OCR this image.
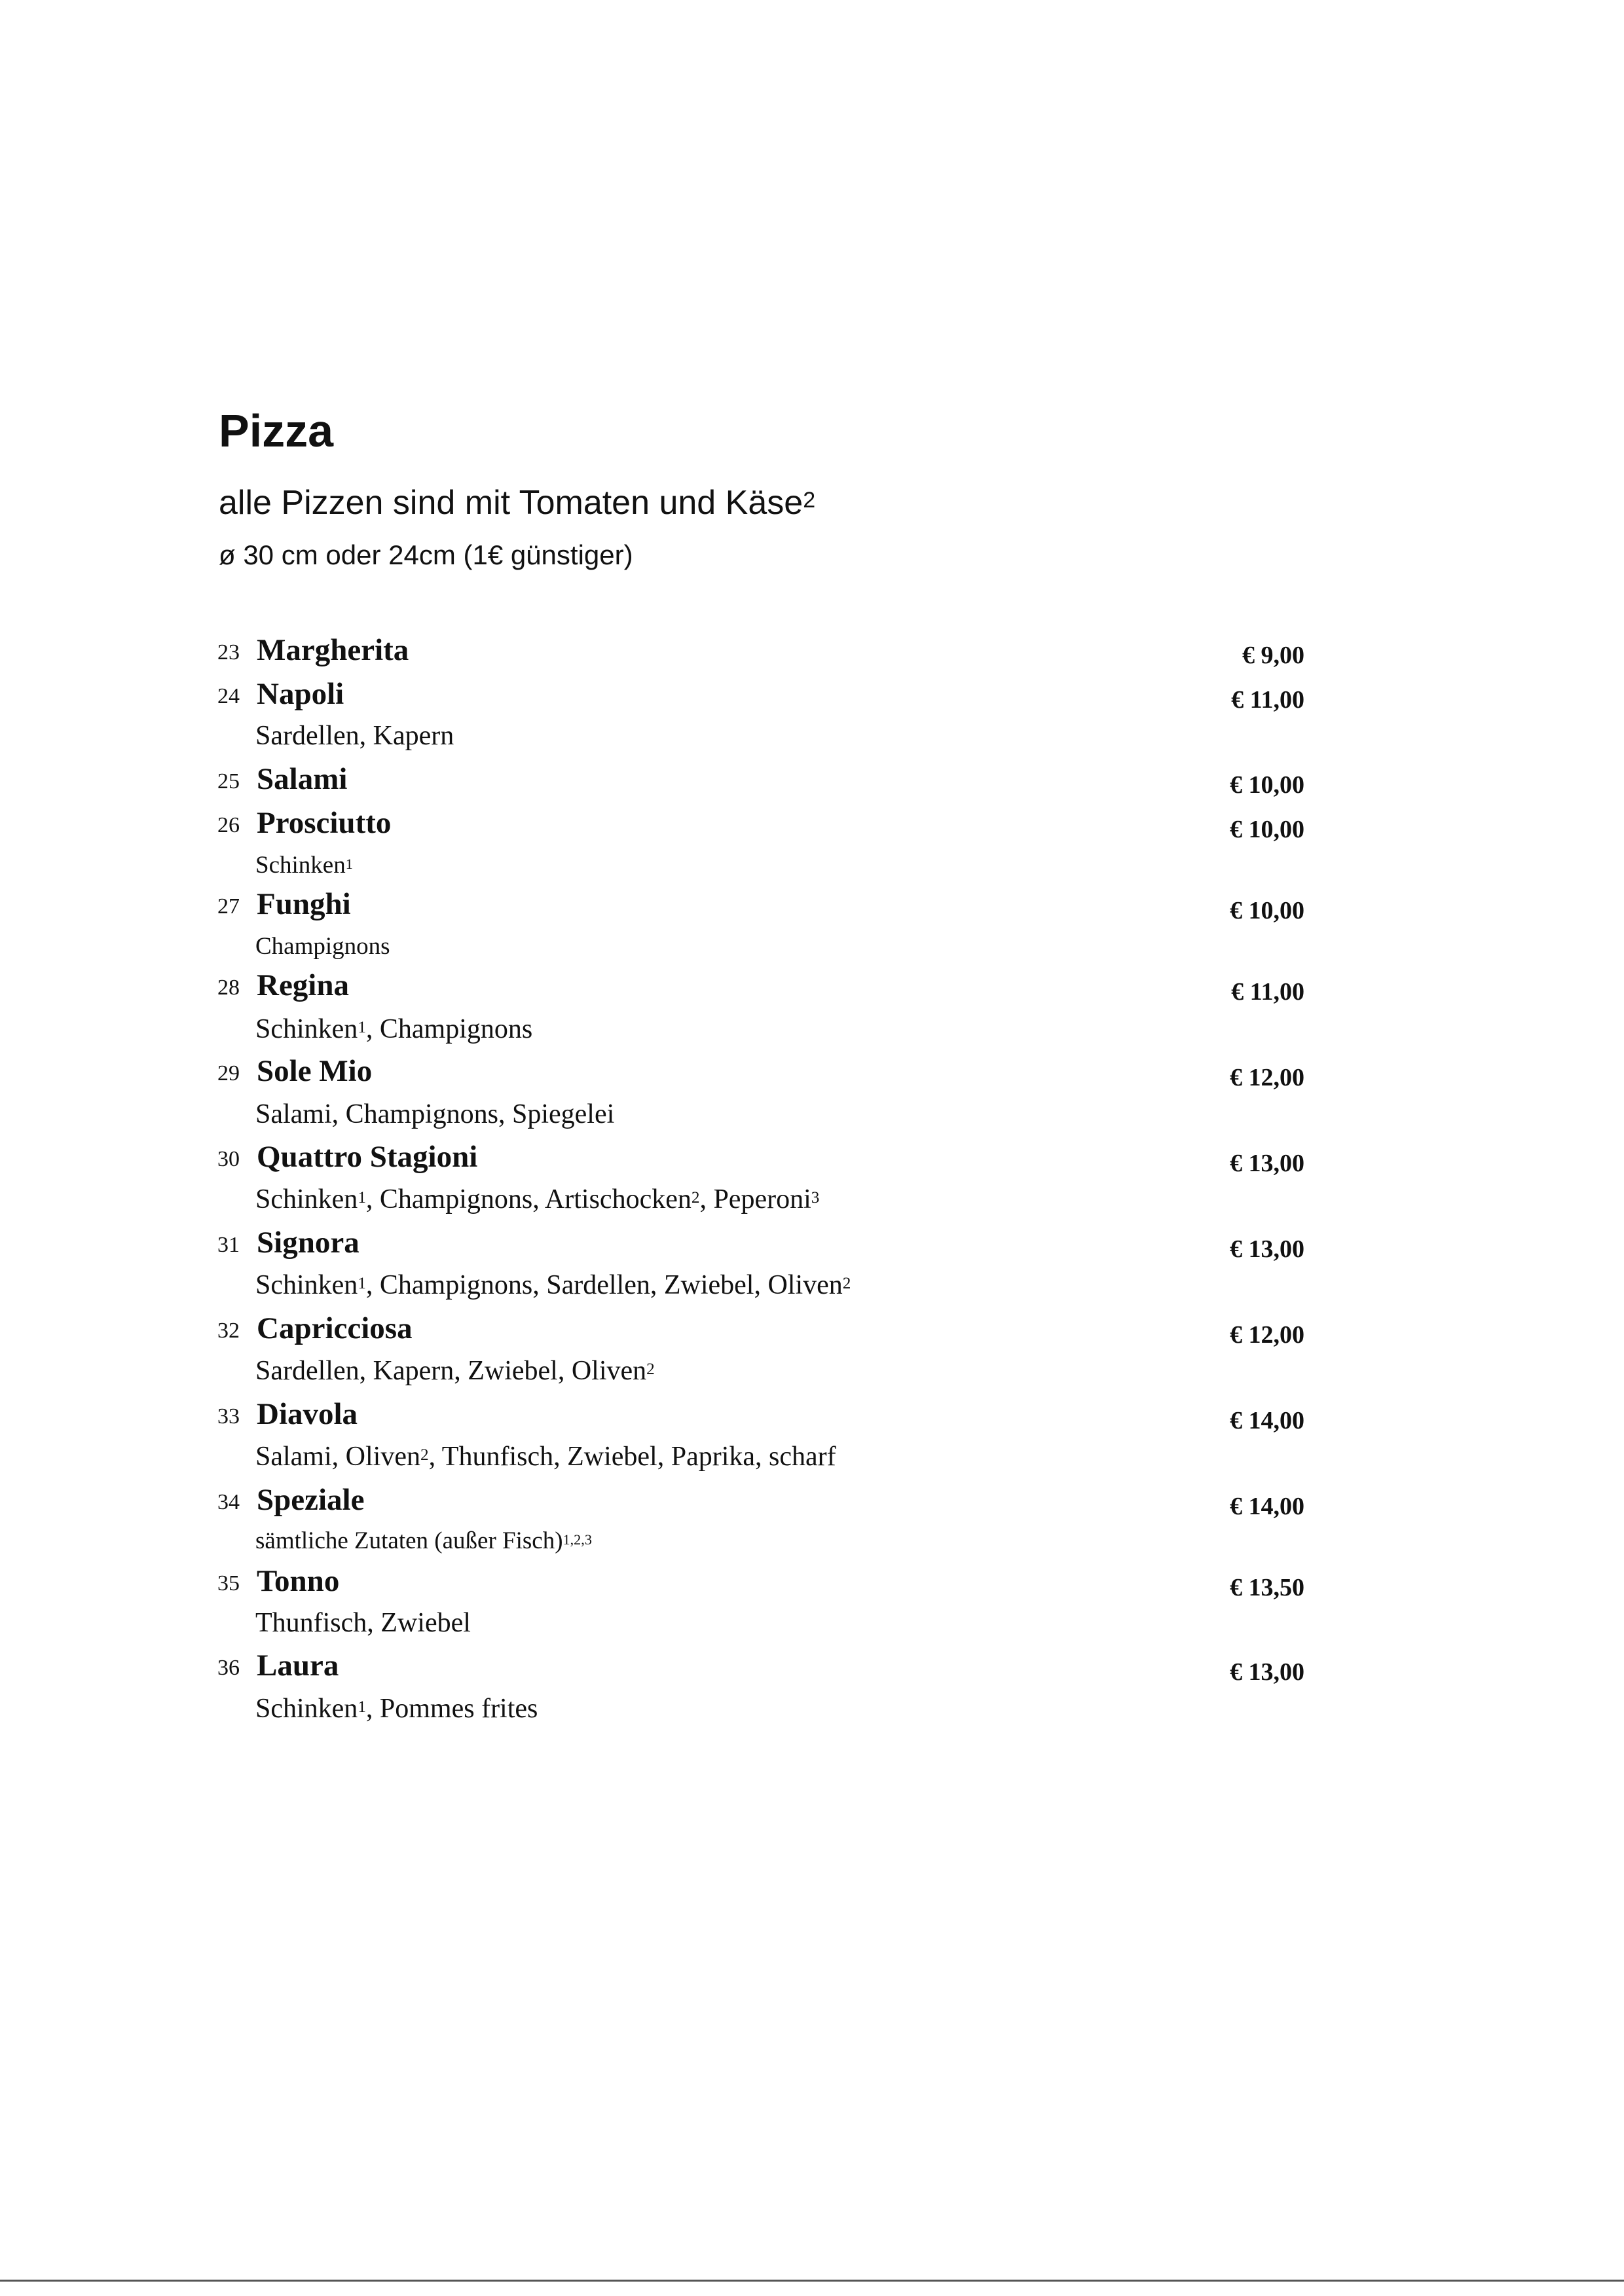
Pizza
alle Pizzen sind mit Tomaten und Käse$^2$
ø 30 cm oder 24cm (1€ günstiger)
23 Margherita	€ 9,00
24 Napoli	€ 11,00
Sardellen, Kapern
25 Salami	€ 10,00
26 Prosciutto	€ 10,00
Schinken$^1$
27 Funghi	€ 10,00
Champignons
28 Regina	€ 11,00
Schinken$^1$, Champignons
29 Sole Mio	€ 12,00
Salami, Champignons, Spiegelei
30 Quattro Stagioni	€ 13,00
Schinken$^1$, Champignons, Artischocken$^2$, Peperoni$^3$
31 Signora	€ 13,00
Schinken$^1$, Champignons, Sardellen, Zwiebel, Oliven$^2$
32 Capricciosa	€ 12,00
Sardellen, Kapern, Zwiebel, Oliven$^2$
33 Diavola	€ 14,00
Salami, Oliven$^2$, Thunfisch, Zwiebel, Paprika, scharf
34 Speziale	€ 14,00
sämtliche Zutaten (außer Fisch)$^{1,2,3}$
35 Tonno	€ 13,50
Thunfisch, Zwiebel
36 Laura	€ 13,00
Schinken$^1$, Pommes frites
